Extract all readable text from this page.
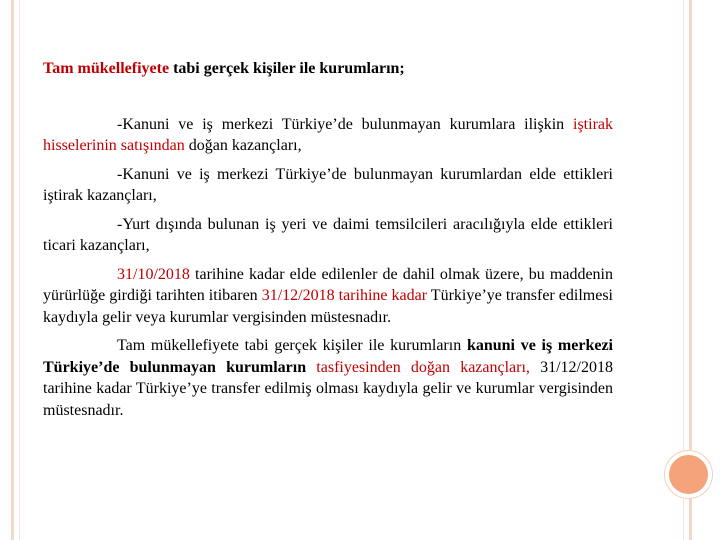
Tam mükellefiyete tabi gerçek kişiler ile kurumların;

-Kanuni ve iş merkezi Türkiye’de bulunmayan kurumlara ilişkin iştirak hisselerinin satışından doğan kazançları,

-Kanuni ve iş merkezi Türkiye’de bulunmayan kurumlardan elde ettikleri iştirak kazançları,

-Yurt dışında bulunan iş yeri ve daimi temsilcileri aracılığıyla elde ettikleri ticari kazançları,

31/10/2018 tarihine kadar elde edilenler de dahil olmak üzere, bu maddenin yürürlüğe girdiği tarihten itibaren 31/12/2018 tarihine kadar Türkiye’ye transfer edilmesi kaydıyla gelir veya kurumlar vergisinden müstesnadır.

Tam mükellefiyete tabi gerçek kişiler ile kurumların kanuni ve iş merkezi Türkiye’de bulunmayan kurumların tasfiyesinden doğan kazançları, 31/12/2018 tarihine kadar Türkiye’ye transfer edilmiş olması kaydıyla gelir ve kurumlar vergisinden müstesnadır.
